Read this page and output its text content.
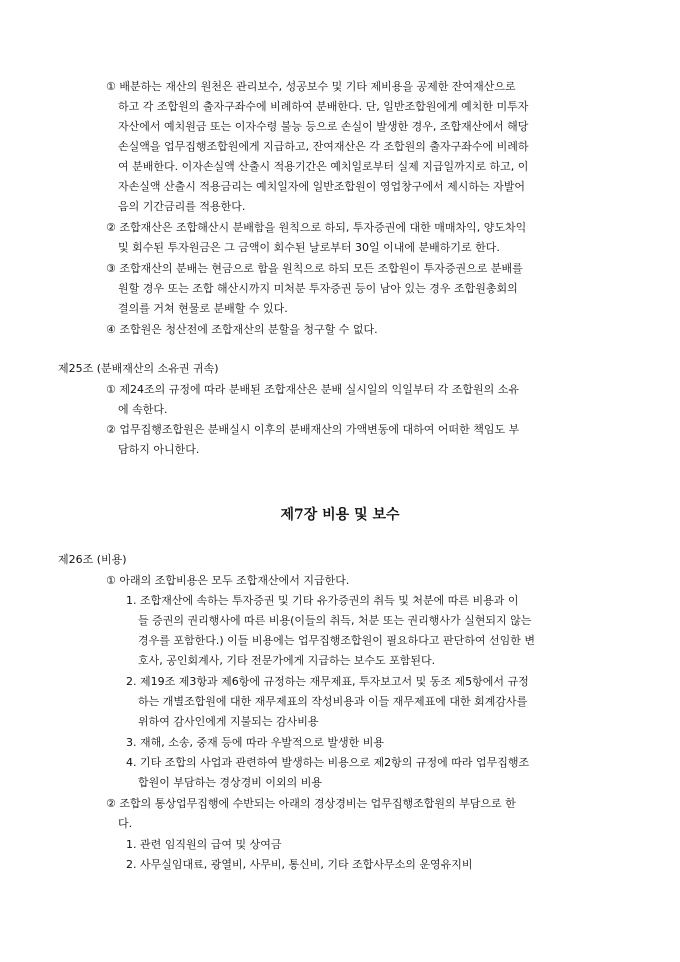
① 배분하는 재산의 원천은 관리보수, 성공보수 및 기타 제비용을 공제한 잔여재산으로
하고 각 조합원의 출자구좌수에 비례하여 분배한다. 단, 일반조합원에게 예치한 미투자
자산에서 예치원금 또는 이자수령 불능 등으로 손실이 발생한 경우, 조합재산에서 해당
손실액을 업무집행조합원에게 지급하고, 잔여재산은 각 조합원의 출자구좌수에 비례하
여 분배한다. 이자손실액 산출시 적용기간은 예치일로부터 실제 지급일까지로 하고, 이
자손실액 산출시 적용금리는 예치일자에 일반조합원이 영업창구에서 제시하는 자발어
음의 기간금리를 적용한다.
② 조합재산은 조합해산시 분배함을 원칙으로 하되, 투자증권에 대한 매매차익, 양도차익
및 회수된 투자원금은 그 금액이 회수된 날로부터 30일 이내에 분배하기로 한다.
③ 조합재산의 분배는 현금으로 함을 원칙으로 하되 모든 조합원이 투자증권으로 분배를
원할 경우 또는 조합 해산시까지 미처분 투자증권 등이 남아 있는 경우 조합원총회의
결의를 거쳐 현물로 분배할 수 있다.
④ 조합원은 청산전에 조합재산의 분할을 청구할 수 없다.
제25조 (분배재산의 소유권 귀속)
① 제24조의 규정에 따라 분배된 조합재산은 분배 실시일의 익일부터 각 조합원의 소유
에 속한다.
② 업무집행조합원은 분배실시 이후의 분배재산의 가액변동에 대하여 어떠한 책임도 부
담하지 아니한다.
제7장 비용 및 보수
제26조 (비용)
① 아래의 조합비용은 모두 조합재산에서 지급한다.
1. 조합재산에 속하는 투자증권 및 기타 유가증권의 취득 및 처분에 따른 비용과 이
들 증권의 권리행사에 따른 비용(이들의 취득, 처분 또는 권리행사가 실현되지 않는
경우를 포함한다.) 이들 비용에는 업무집행조합원이 필요하다고 판단하여 선임한 변
호사, 공인회계사, 기타 전문가에게 지급하는 보수도 포함된다.
2. 제19조 제3항과 제6항에 규정하는 재무제표, 투자보고서 및 동조 제5항에서 규정
하는 개별조합원에 대한 재무제표의 작성비용과 이들 재무제표에 대한 회계감사를
위하여 감사인에게 지불되는 감사비용
3. 재해, 소송, 중재 등에 따라 우발적으로 발생한 비용
4. 기타 조합의 사업과 관련하여 발생하는 비용으로 제2항의 규정에 따라 업무집행조
합원이 부담하는 경상경비 이외의 비용
② 조합의 통상업무집행에 수반되는 아래의 경상경비는 업무집행조합원의 부담으로 한
다.
1. 관련 임직원의 급여 및 상여금
2. 사무실임대료, 광열비, 사무비, 통신비, 기타 조합사무소의 운영유지비
